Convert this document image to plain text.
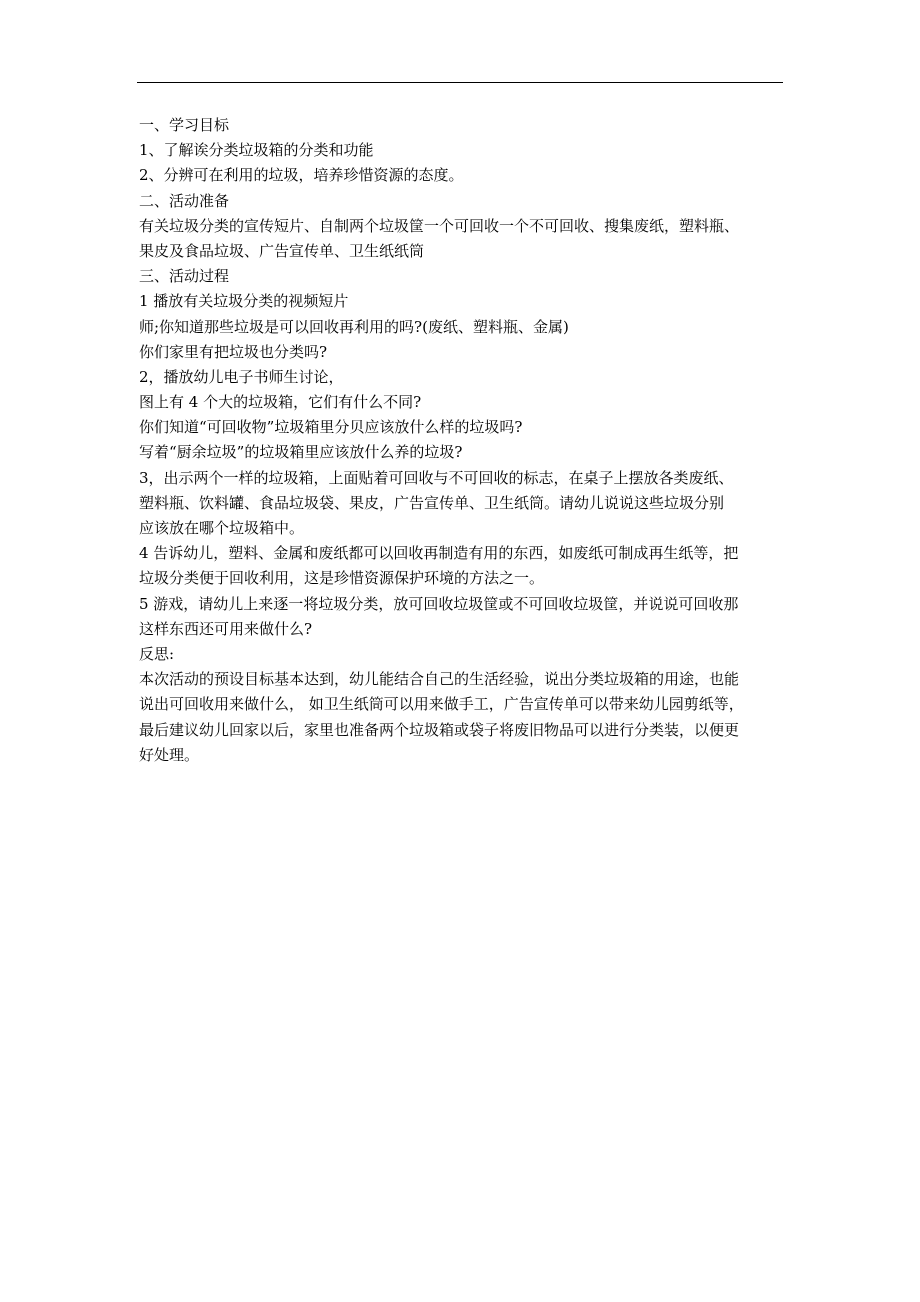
一、学习目标
1、了解诶分类垃圾箱的分类和功能
2、分辨可在利用的垃圾，培养珍惜资源的态度。
二、活动准备
有关垃圾分类的宣传短片、自制两个垃圾筐一个可回收一个不可回收、搜集废纸，塑料瓶、
果皮及食品垃圾、广告宣传单、卫生纸纸筒
三、活动过程
1 播放有关垃圾分类的视频短片
师;你知道那些垃圾是可以回收再利用的吗?(废纸、塑料瓶、金属)
你们家里有把垃圾也分类吗?
2，播放幼儿电子书师生讨论，
图上有 4 个大的垃圾箱，它们有什么不同?
你们知道“可回收物”垃圾箱里分贝应该放什么样的垃圾吗?
写着“厨余垃圾”的垃圾箱里应该放什么养的垃圾?
3，出示两个一样的垃圾箱，上面贴着可回收与不可回收的标志，在桌子上摆放各类废纸、
塑料瓶、饮料罐、食品垃圾袋、果皮，广告宣传单、卫生纸筒。请幼儿说说这些垃圾分别
应该放在哪个垃圾箱中。
4 告诉幼儿，塑料、金属和废纸都可以回收再制造有用的东西，如废纸可制成再生纸等，把
垃圾分类便于回收利用，这是珍惜资源保护环境的方法之一。
5 游戏，请幼儿上来逐一将垃圾分类，放可回收垃圾筐或不可回收垃圾筐，并说说可回收那
这样东西还可用来做什么?
反思:
本次活动的预设目标基本达到，幼儿能结合自己的生活经验，说出分类垃圾箱的用途，也能
说出可回收用来做什么， 如卫生纸筒可以用来做手工，广告宣传单可以带来幼儿园剪纸等，
最后建议幼儿回家以后，家里也准备两个垃圾箱或袋子将废旧物品可以进行分类装，以便更
好处理。
